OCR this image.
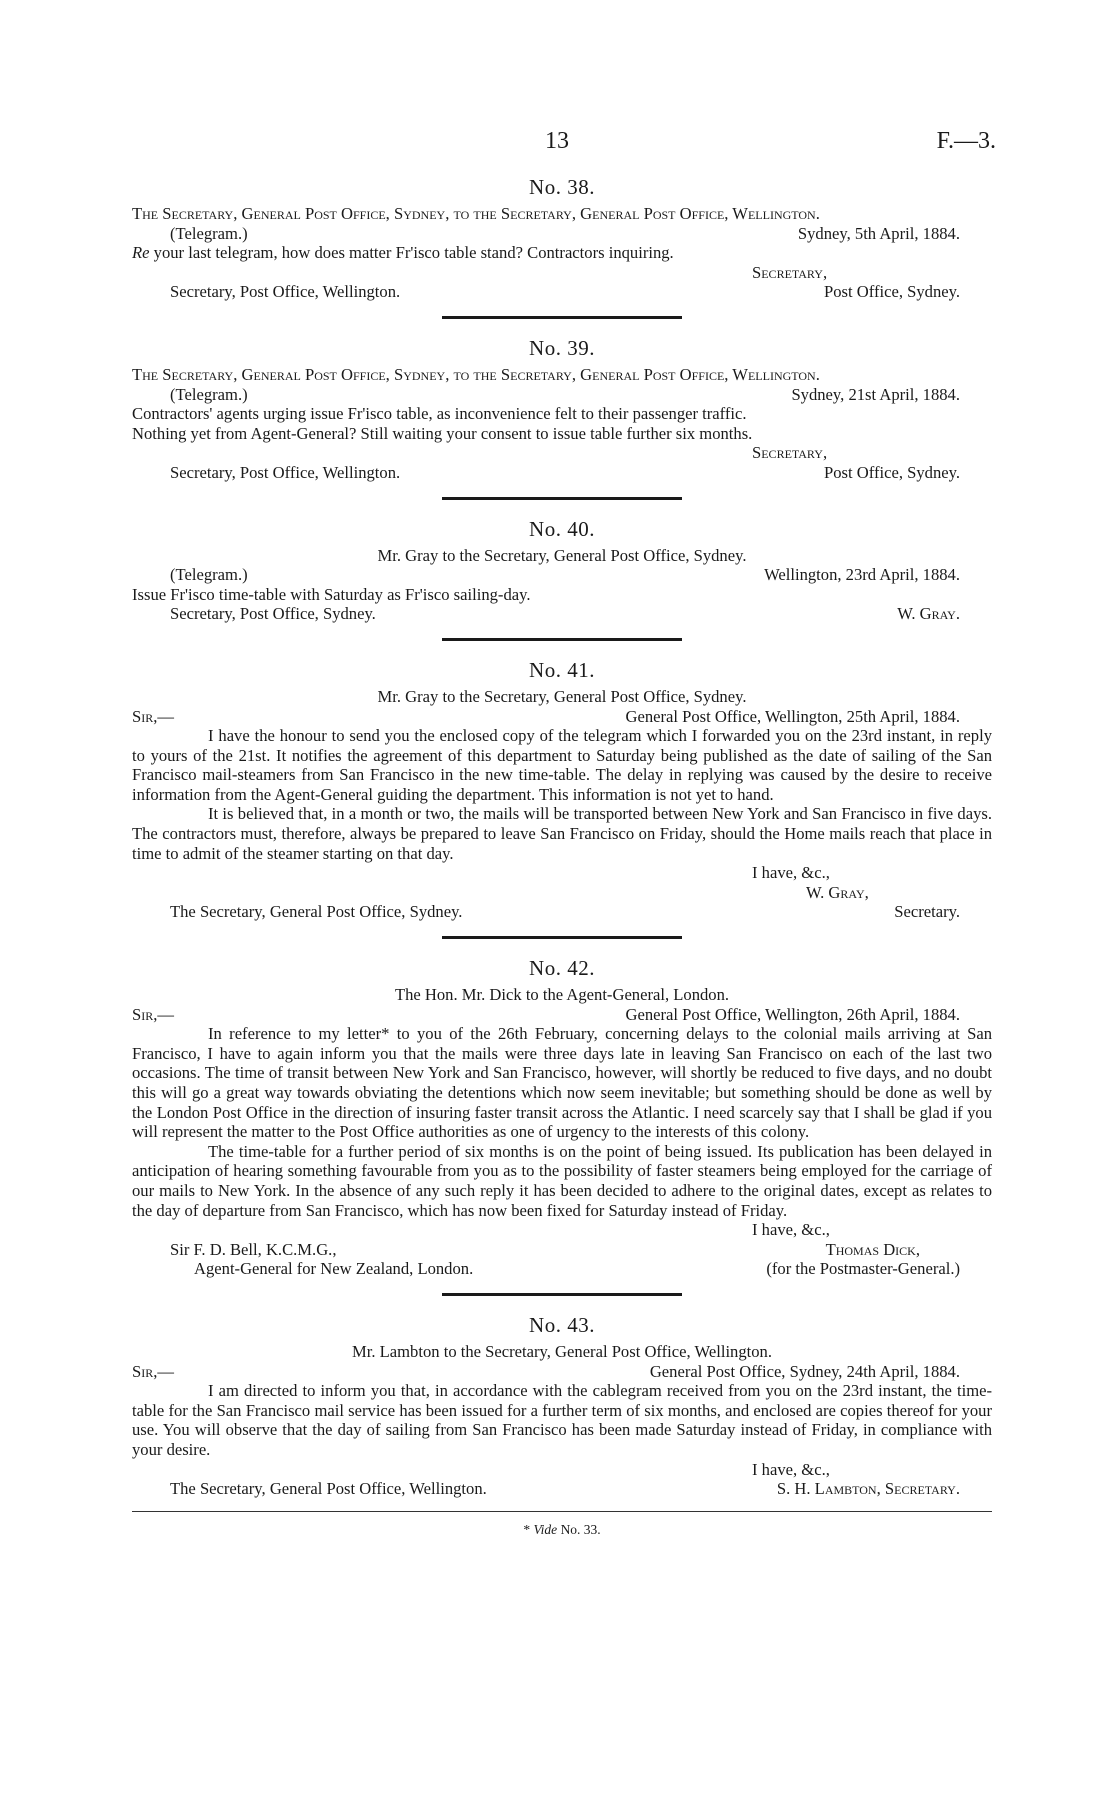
13	F.—3.
No. 38.
The Secretary, General Post Office, Sydney, to the Secretary, General Post Office, Wellington.
(Telegram.)	Sydney, 5th April, 1884.
Re your last telegram, how does matter Fr'isco table stand? Contractors inquiring.
Secretary,
Secretary, Post Office, Wellington.	Post Office, Sydney.
No. 39.
The Secretary, General Post Office, Sydney, to the Secretary, General Post Office, Wellington.
(Telegram.)	Sydney, 21st April, 1884.
Contractors' agents urging issue Fr'isco table, as inconvenience felt to their passenger traffic.
Nothing yet from Agent-General? Still waiting your consent to issue table further six months.
Secretary,
Secretary, Post Office, Wellington.	Post Office, Sydney.
No. 40.
Mr. Gray to the Secretary, General Post Office, Sydney.
(Telegram.)	Wellington, 23rd April, 1884.
Issue Fr'isco time-table with Saturday as Fr'isco sailing-day.
Secretary, Post Office, Sydney.	W. Gray.
No. 41.
Mr. Gray to the Secretary, General Post Office, Sydney.
Sir,—	General Post Office, Wellington, 25th April, 1884.

I have the honour to send you the enclosed copy of the telegram which I forwarded you on the 23rd instant, in reply to yours of the 21st. It notifies the agreement of this department to Saturday being published as the date of sailing of the San Francisco mail-steamers from San Francisco in the new time-table. The delay in replying was caused by the desire to receive information from the Agent-General guiding the department. This information is not yet to hand.

It is believed that, in a month or two, the mails will be transported between New York and San Francisco in five days. The contractors must, therefore, always be prepared to leave San Francisco on Friday, should the Home mails reach that place in time to admit of the steamer starting on that day.

I have, &c.,
W. Gray,
The Secretary, General Post Office, Sydney.	Secretary.
No. 42.
The Hon. Mr. Dick to the Agent-General, London.
Sir,—	General Post Office, Wellington, 26th April, 1884.

In reference to my letter* to you of the 26th February, concerning delays to the colonial mails arriving at San Francisco, I have to again inform you that the mails were three days late in leaving San Francisco on each of the last two occasions. The time of transit between New York and San Francisco, however, will shortly be reduced to five days, and no doubt this will go a great way towards obviating the detentions which now seem inevitable; but something should be done as well by the London Post Office in the direction of insuring faster transit across the Atlantic. I need scarcely say that I shall be glad if you will represent the matter to the Post Office authorities as one of urgency to the interests of this colony.

The time-table for a further period of six months is on the point of being issued. Its publication has been delayed in anticipation of hearing something favourable from you as to the possibility of faster steamers being employed for the carriage of our mails to New York. In the absence of any such reply it has been decided to adhere to the original dates, except as relates to the day of departure from San Francisco, which has now been fixed for Saturday instead of Friday.

I have, &c.,
Sir F. D. Bell, K.C.M.G.,	Thomas Dick,
Agent-General for New Zealand, London.	(for the Postmaster-General.)
No. 43.
Mr. Lambton to the Secretary, General Post Office, Wellington.
Sir,—	General Post Office, Sydney, 24th April, 1884.

I am directed to inform you that, in accordance with the cablegram received from you on the 23rd instant, the time-table for the San Francisco mail service has been issued for a further term of six months, and enclosed are copies thereof for your use. You will observe that the day of sailing from San Francisco has been made Saturday instead of Friday, in compliance with your desire.

I have, &c.,
The Secretary, General Post Office, Wellington.	S. H. Lambton, Secretary.
* Vide No. 33.
